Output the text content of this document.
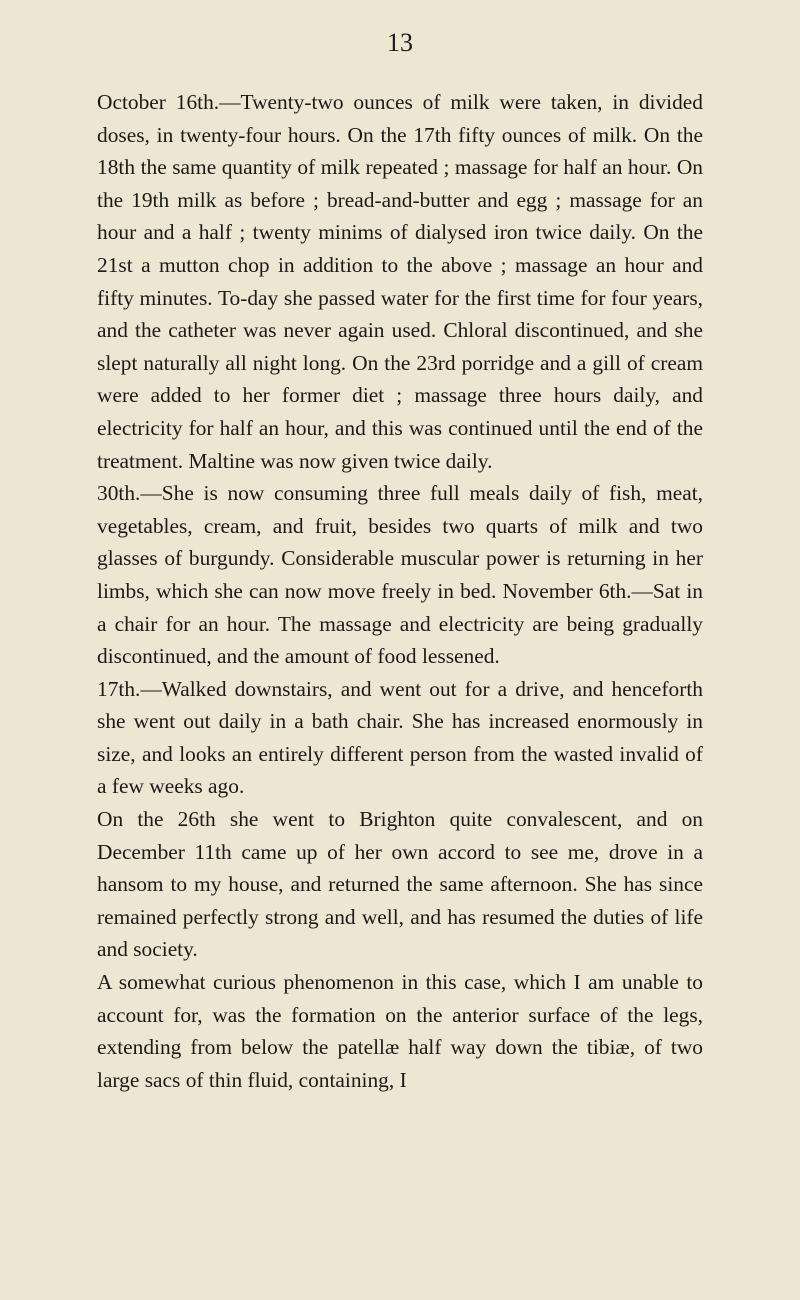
13

October 16th.—Twenty-two ounces of milk were taken, in divided doses, in twenty-four hours. On the 17th fifty ounces of milk. On the 18th the same quantity of milk repeated ; massage for half an hour. On the 19th milk as before ; bread-and-butter and egg ; massage for an hour and a half ; twenty minims of dialysed iron twice daily. On the 21st a mutton chop in addition to the above ; massage an hour and fifty minutes. To-day she passed water for the first time for four years, and the catheter was never again used. Chloral discontinued, and she slept naturally all night long. On the 23rd porridge and a gill of cream were added to her former diet ; massage three hours daily, and electricity for half an hour, and this was continued until the end of the treatment. Maltine was now given twice daily.

30th.—She is now consuming three full meals daily of fish, meat, vegetables, cream, and fruit, besides two quarts of milk and two glasses of burgundy. Considerable muscular power is returning in her limbs, which she can now move freely in bed. November 6th.—Sat in a chair for an hour. The massage and electricity are being gradually discontinued, and the amount of food lessened.

17th.—Walked downstairs, and went out for a drive, and henceforth she went out daily in a bath chair. She has increased enormously in size, and looks an entirely different person from the wasted invalid of a few weeks ago.

On the 26th she went to Brighton quite convalescent, and on December 11th came up of her own accord to see me, drove in a hansom to my house, and returned the same afternoon. She has since remained perfectly strong and well, and has resumed the duties of life and society.

A somewhat curious phenomenon in this case, which I am unable to account for, was the formation on the anterior surface of the legs, extending from below the patellæ half way down the tibiæ, of two large sacs of thin fluid, containing, I
